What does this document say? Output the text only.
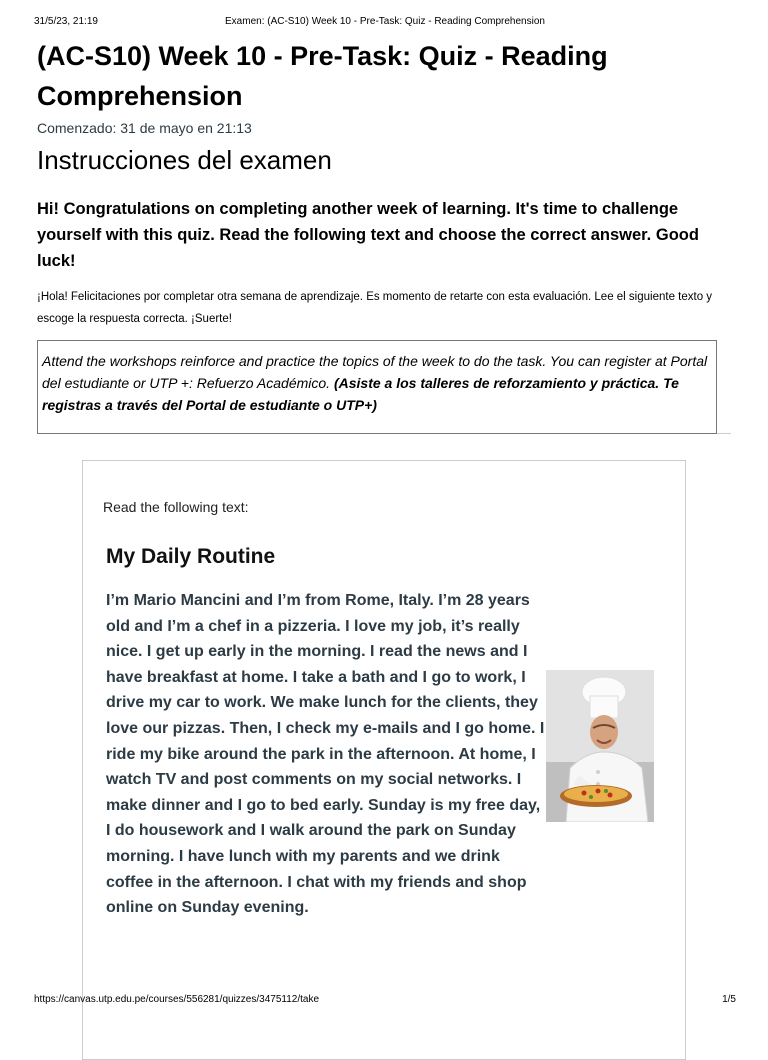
31/5/23, 21:19	Examen: (AC-S10) Week 10 - Pre-Task: Quiz - Reading Comprehension
(AC-S10) Week 10 - Pre-Task: Quiz - Reading Comprehension
Comenzado: 31 de mayo en 21:13
Instrucciones del examen

Hi! Congratulations on completing another week of learning. It's time to challenge yourself with this quiz. Read the following text and choose the correct answer. Good luck!

¡Hola! Felicitaciones por completar otra semana de aprendizaje. Es momento de retarte con esta evaluación. Lee el siguiente texto y escoge la respuesta correcta. ¡Suerte!

Attend the workshops reinforce and practice the topics of the week to do the task. You can register at Portal del estudiante or UTP +: Refuerzo Académico. (Asiste a los talleres de reforzamiento y práctica. Te registras a través del Portal de estudiante o UTP+)
Read the following text:
My Daily Routine

I’m Mario Mancini and I’m from Rome, Italy. I’m 28 years old and I’m a chef in a pizzeria. I love my job, it’s really nice. I get up early in the morning. I read the news and I have breakfast at home. I take a bath and I go to work, I drive my car to work. We make lunch for the clients, they love our pizzas. Then, I check my e-mails and I go home. I ride my bike around the park in the afternoon. At home, I watch TV and post comments on my social networks. I make dinner and I go to bed early. Sunday is my free day, I do housework and I walk around the park on Sunday morning. I have lunch with my parents and we drink coffee in the afternoon. I chat with my friends and shop online on Sunday evening.

https://canvas.utp.edu.pe/courses/556281/quizzes/3475112/take	1/5
